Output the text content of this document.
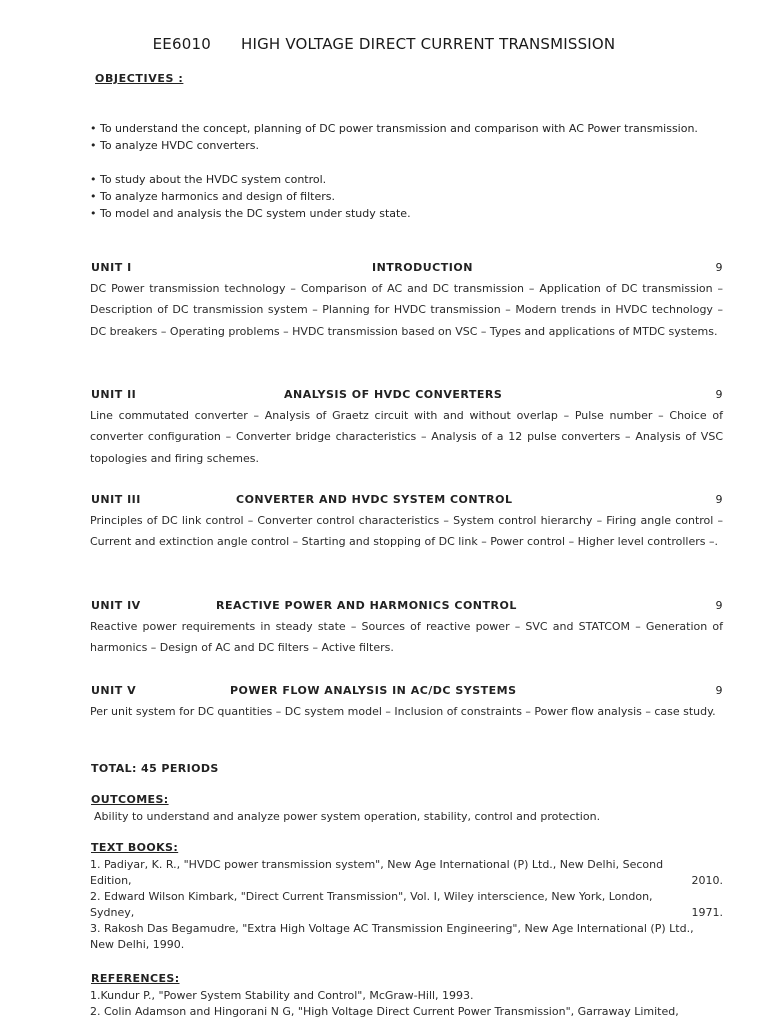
EE6010 HIGH VOLTAGE DIRECT CURRENT TRANSMISSION
OBJECTIVES :
• To understand the concept, planning of DC power transmission and comparison with AC Power transmission.
• To analyze HVDC converters.
• To study about the HVDC system control.
• To analyze harmonics and design of filters.
• To model and analysis the DC system under study state.
UNIT I	INTRODUCTION	9
DC Power transmission technology – Comparison of AC and DC transmission – Application of DC transmission – Description of DC transmission system – Planning for HVDC transmission – Modern trends in HVDC technology – DC breakers – Operating problems – HVDC transmission based on VSC – Types and applications of MTDC systems.
UNIT II	ANALYSIS OF HVDC CONVERTERS	9
Line commutated converter – Analysis of Graetz circuit with and without overlap – Pulse number – Choice of converter configuration – Converter bridge characteristics – Analysis of a 12 pulse converters – Analysis of VSC topologies and firing schemes.
UNIT III	CONVERTER AND HVDC SYSTEM CONTROL	9
Principles of DC link control – Converter control characteristics – System control hierarchy – Firing angle control – Current and extinction angle control – Starting and stopping of DC link – Power control – Higher level controllers –.
UNIT IV	REACTIVE POWER AND HARMONICS CONTROL	9
Reactive power requirements in steady state – Sources of reactive power – SVC and STATCOM – Generation of harmonics – Design of AC and DC filters – Active filters.
UNIT V	POWER FLOW ANALYSIS IN AC/DC SYSTEMS	9
Per unit system for DC quantities – DC system model – Inclusion of constraints – Power flow analysis – case study.
TOTAL: 45 PERIODS
OUTCOMES:
Ability to understand and analyze power system operation, stability, control and protection.
TEXT BOOKS:
1. Padiyar, K. R., "HVDC power transmission system", New Age International (P) Ltd., New Delhi, Second
Edition,	2010.
2. Edward Wilson Kimbark, "Direct Current Transmission", Vol. I, Wiley interscience, New York, London,
Sydney,	1971.
3. Rakosh Das Begamudre, "Extra High Voltage AC Transmission Engineering", New Age International (P) Ltd.,
New Delhi, 1990.
REFERENCES:
1.Kundur P., "Power System Stability and Control", McGraw-Hill, 1993.
2. Colin Adamson and Hingorani N G, "High Voltage Direct Current Power Transmission", Garraway Limited,
